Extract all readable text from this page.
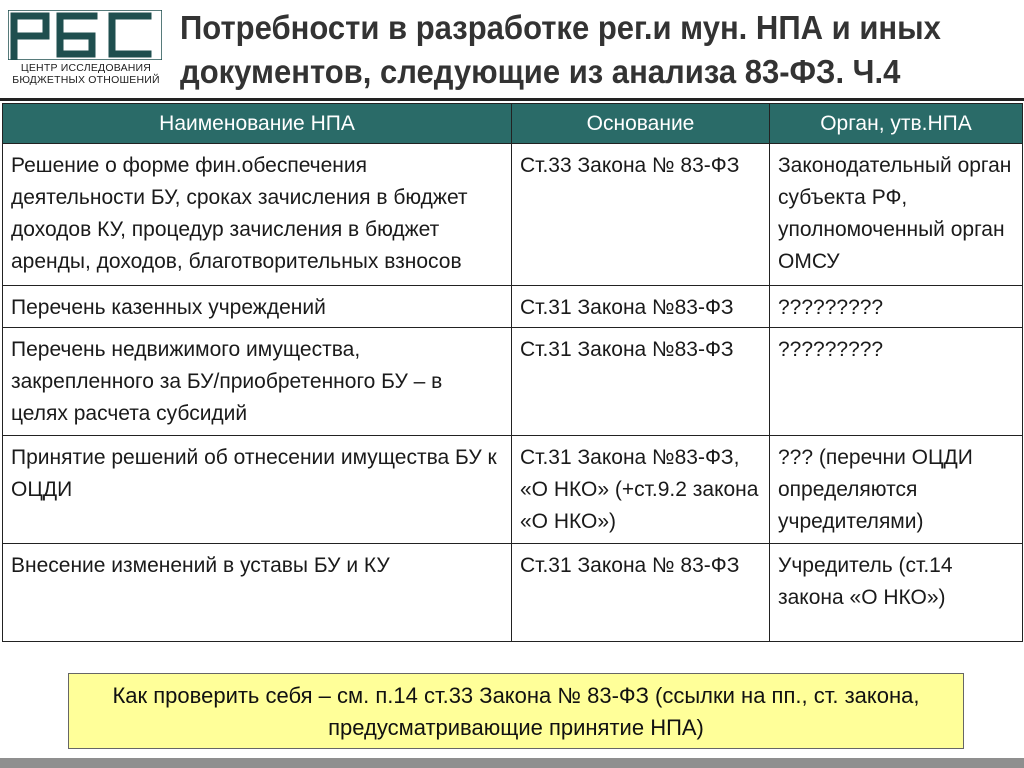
ЦЕНТР ИССЛЕДОВАНИЯ
БЮДЖЕТНЫХ ОТНОШЕНИЙ
Потребности в разработке рег.и мун. НПА и иных документов, следующие из анализа 83-ФЗ. Ч.4
Наименование НПА	Основание	Орган, утв.НПА
Решение о форме фин.обеспечения деятельности БУ, сроках зачисления в бюджет доходов КУ, процедур зачисления в бюджет аренды, доходов, благотворительных взносов	Ст.33 Закона № 83-ФЗ	Законодательный орган субъекта РФ, уполномоченный орган ОМСУ
Перечень казенных учреждений	Ст.31 Закона №83-ФЗ	?????????
Перечень недвижимого имущества, закрепленного за БУ/приобретенного БУ – в целях расчета субсидий	Ст.31 Закона №83-ФЗ	?????????
Принятие решений об отнесении имущества БУ к ОЦДИ	Ст.31 Закона №83-ФЗ, «О НКО» (+ст.9.2 закона «О НКО»)	??? (перечни ОЦДИ определяются учредителями)
Внесение изменений в уставы БУ и КУ	Ст.31 Закона № 83-ФЗ	Учредитель (ст.14 закона «О НКО»)
Как проверить себя – см. п.14 ст.33 Закона № 83-ФЗ (ссылки на пп., ст. закона, предусматривающие принятие НПА)
